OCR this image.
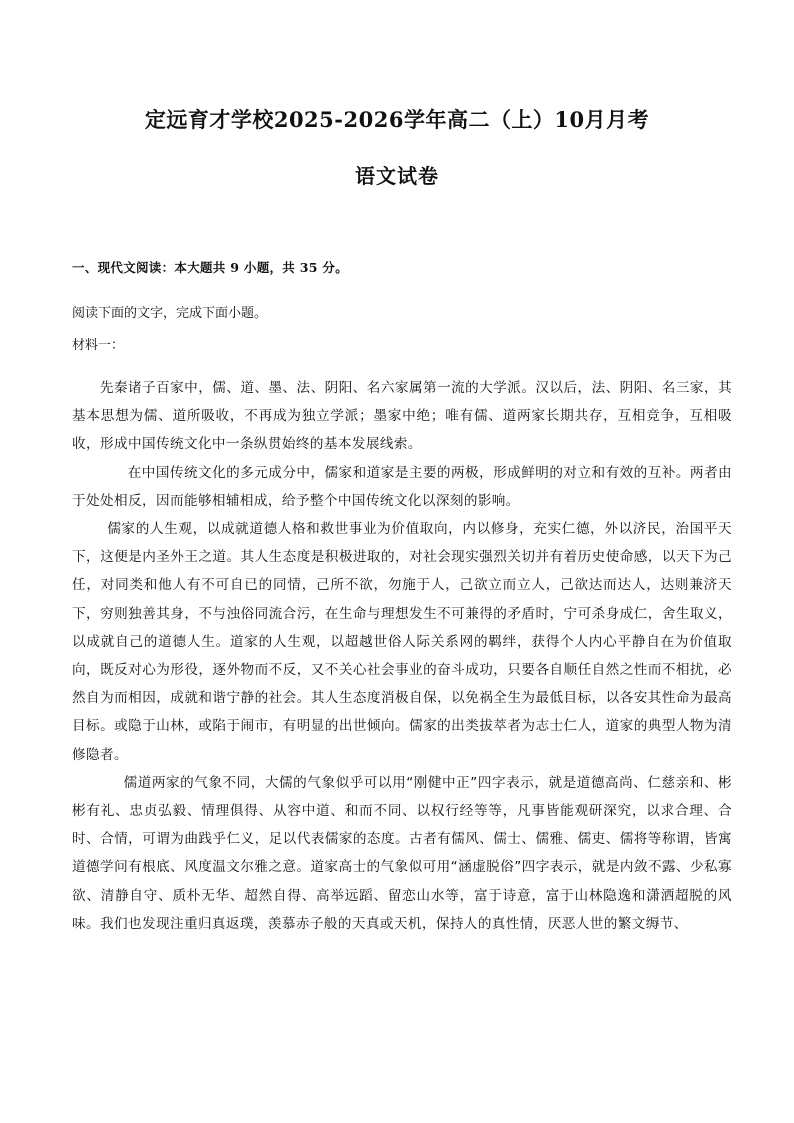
定远育才学校2025-2026学年高二（上）10月月考
语文试卷
一、现代文阅读：本大题共 9 小题，共 35 分。
阅读下面的文字，完成下面小题。
材料一：

先秦诸子百家中，儒、道、墨、法、阴阳、名六家属第一流的大学派。汉以后，法、阴阳、名三家，其基本思想为儒、道所吸收，不再成为独立学派；墨家中绝；唯有儒、道两家长期共存，互相竞争，互相吸收，形成中国传统文化中一条纵贯始终的基本发展线索。

在中国传统文化的多元成分中，儒家和道家是主要的两极，形成鲜明的对立和有效的互补。两者由于处处相反，因而能够相辅相成，给予整个中国传统文化以深刻的影响。

儒家的人生观，以成就道德人格和救世事业为价值取向，内以修身，充实仁德，外以济民，治国平天下，这便是内圣外王之道。其人生态度是积极进取的，对社会现实强烈关切并有着历史使命感，以天下为己任，对同类和他人有不可自已的同情，己所不欲，勿施于人，己欲立而立人，己欲达而达人，达则兼济天下，穷则独善其身，不与浊俗同流合污，在生命与理想发生不可兼得的矛盾时，宁可杀身成仁，舍生取义，以成就自己的道德人生。道家的人生观，以超越世俗人际关系网的羁绊，获得个人内心平静自在为价值取向，既反对心为形役，逐外物而不反，又不关心社会事业的奋斗成功，只要各自顺任自然之性而不相扰，必然自为而相因，成就和谐宁静的社会。其人生态度消极自保，以免祸全生为最低目标，以各安其性命为最高目标。或隐于山林，或陷于闹市，有明显的出世倾向。儒家的出类拔萃者为志士仁人，道家的典型人物为清修隐者。

儒道两家的气象不同，大儒的气象似乎可以用“刚健中正”四字表示，就是道德高尚、仁慈亲和、彬彬有礼、忠贞弘毅、情理俱得、从容中道、和而不同、以权行经等等，凡事皆能观研深究，以求合理、合时、合情，可谓为曲践乎仁义，足以代表儒家的态度。古者有儒风、儒士、儒雅、儒吏、儒将等称谓，皆寓道德学问有根底、风度温文尔雅之意。道家高士的气象似可用“涵虚脱俗”四字表示，就是内敛不露、少私寡欲、清静自守、质朴无华、超然自得、高举远蹈、留恋山水等，富于诗意，富于山林隐逸和潇洒超脱的风味。我们也发现注重归真返璞，羡慕赤子般的天真或天机，保持人的真性情，厌恶人世的繁文缛节、
